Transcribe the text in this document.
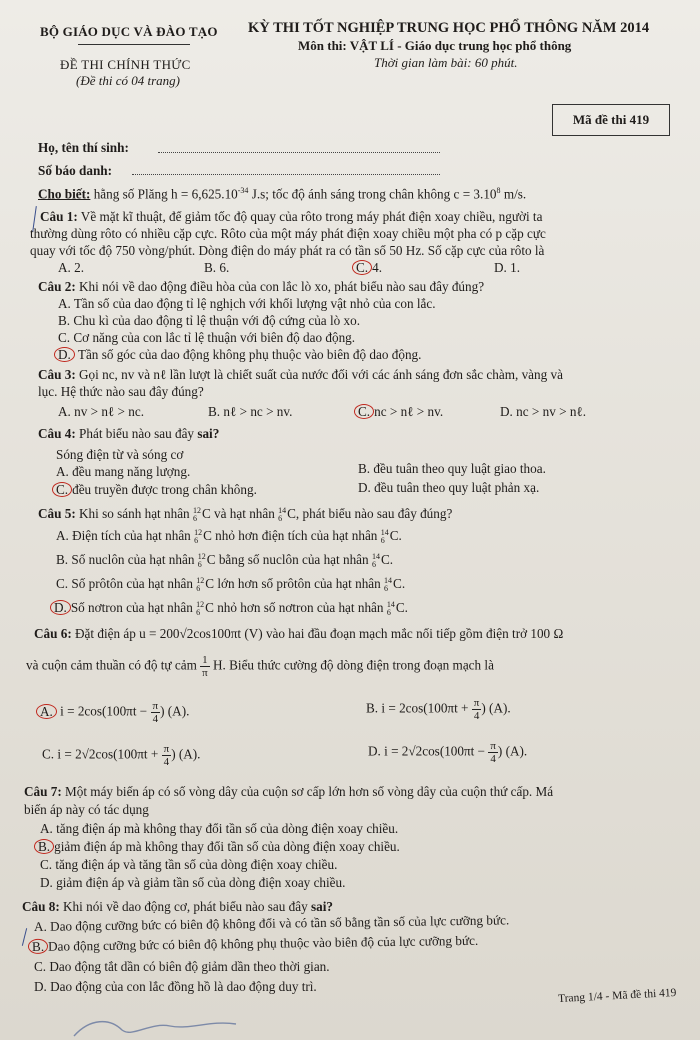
BỘ GIÁO DỤC VÀ ĐÀO TẠO KỲ THI TỐT NGHIỆP TRUNG HỌC PHỔ THÔNG NĂM 2014
Môn thi: VẬT LÍ - Giáo dục trung học phổ thông
Thời gian làm bài: 60 phút.
ĐỀ THI CHÍNH THỨC
(Đề thi có 04 trang)
Mã đề thi 419
Họ, tên thí sinh:
Số báo danh:
Cho biết: hằng số Plăng $h = 6,625.10^{-34}$ J.s; tốc độ ánh sáng trong chân không $c = 3.10^8$ m/s.
Câu 1: Về mặt kĩ thuật, để giảm tốc độ quay của rôto trong máy phát điện xoay chiều, người ta
thường dùng rôto có nhiều cặp cực. Rôto của một máy phát điện xoay chiều một pha có p cặp cực
quay với tốc độ 750 vòng/phút. Dòng điện do máy phát ra có tần số 50 Hz. Số cặp cực của rôto là
A. 2.	B. 6.	C. 4.	D. 1.
Câu 2: Khi nói về dao động điều hòa của con lắc lò xo, phát biểu nào sau đây đúng?
A. Tần số của dao động tỉ lệ nghịch với khối lượng vật nhỏ của con lắc.
B. Chu kì của dao động tỉ lệ thuận với độ cứng của lò xo.
C. Cơ năng của con lắc tỉ lệ thuận với biên độ dao động.
D. Tần số góc của dao động không phụ thuộc vào biên độ dao động.
Câu 3: Gọi nc, nv và nℓ lần lượt là chiết suất của nước đối với các ánh sáng đơn sắc chàm, vàng và
lục. Hệ thức nào sau đây đúng?
A. nv > nℓ > nc.	B. nℓ > nc > nv.	C. nc > nℓ > nv.	D. nc > nv > nℓ.
Câu 4: Phát biểu nào sau đây sai?
Sóng điện từ và sóng cơ
A. đều mang năng lượng.	B. đều tuân theo quy luật giao thoa.
C. đều truyền được trong chân không.	D. đều tuân theo quy luật phản xạ.
Câu 5: Khi so sánh hạt nhân 12
6 C và hạt nhân 14
6 C, phát biểu nào sau đây đúng?
A. Điện tích của hạt nhân 12
6 C nhỏ hơn điện tích của hạt nhân 14
6 C.
B. Số nuclôn của hạt nhân 12
6 C bằng số nuclôn của hạt nhân 14
6 C.
C. Số prôtôn của hạt nhân 12
6 C lớn hơn số prôtôn của hạt nhân 14
6 C.
D. Số nơtron của hạt nhân 12
6 C nhỏ hơn số nơtron của hạt nhân 14
6 C.
Câu 6: Đặt điện áp u = 200√2cos100πt (V) vào hai đầu đoạn mạch mắc nối tiếp gồm điện trở 100 Ω
và cuộn cảm thuần có độ tự cảm $\frac{1}{\pi} H$. Biểu thức cường độ dòng điện trong đoạn mạch là
A. $i = 2\cos(100\pi t - \frac{\pi}{4}$ ) (A).	B. $i = 2\cos(100\pi t + \frac{\pi}{4}$ ) (A).
C. $i = 2√2\cos(100\pi t + \frac{\pi}{4}$ ) (A).	D. $i = 2√2\cos(100\pi t - \frac{\pi}{4}$ ) (A).
Câu 7: Một máy biến áp có số vòng dây của cuộn sơ cấp lớn hơn số vòng dây của cuộn thứ cấp. Má
biến áp này có tác dụng
A. tăng điện áp mà không thay đổi tần số của dòng điện xoay chiều.
B. giảm điện áp mà không thay đổi tần số của dòng điện xoay chiều.
C. tăng điện áp và tăng tần số của dòng điện xoay chiều.
D. giảm điện áp và giảm tần số của dòng điện xoay chiều.
Câu 8: Khi nói về dao động cơ, phát biểu nào sau đây sai?
A. Dao động cưỡng bức có biên độ không đổi và có tần số bằng tần số của lực cưỡng bức.
B. Dao động cưỡng bức có biên độ không phụ thuộc vào biên độ của lực cưỡng bức.
C. Dao động tắt dần có biên độ giảm dần theo thời gian.
D. Dao động của con lắc đồng hồ là dao động duy trì.
Trang 1/4 - Mã đề thi 419
